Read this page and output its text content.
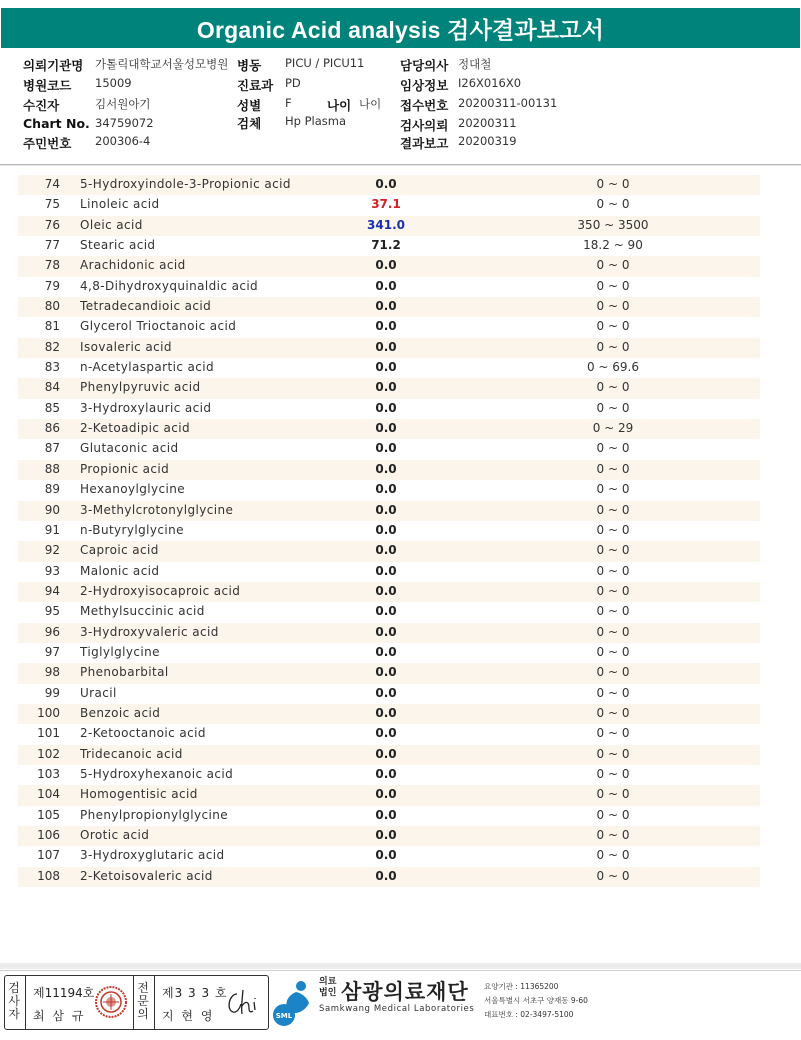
Organic Acid analysis 검사결과보고서
의뢰기관명 가톨릭대학교서울성모병원 병동 PICU / PICU11	담당의사 정대철
병원코드 15009	진료과 PD	임상정보 I26X016X0
수진자	김서원아기	성별 F	나이 나이 접수번호 20200311-00131
Chart No. 34759072	검체 Hp Plasma	검사의뢰 20200311
주민번호 200306-4	결과보고 20200319
74 5-Hydroxyindole-3-Propionic acid	0.0	0 ~ 0
75 Linoleic acid	37.1	0 ~ 0
76 Oleic acid	341.0	350 ~ 3500
77 Stearic acid	71.2	18.2 ~ 90
78 Arachidonic acid	0.0	0 ~ 0
79 4,8-Dihydroxyquinaldic acid	0.0	0 ~ 0
80 Tetradecandioic acid	0.0	0 ~ 0
81 Glycerol Trioctanoic acid	0.0	0 ~ 0
82 Isovaleric acid	0.0	0 ~ 0
83 n-Acetylaspartic acid	0.0	0 ~ 69.6
84 Phenylpyruvic acid	0.0	0 ~ 0
85 3-Hydroxylauric acid	0.0	0 ~ 0
86 2-Ketoadipic acid	0.0	0 ~ 29
87 Glutaconic acid	0.0	0 ~ 0
88 Propionic acid	0.0	0 ~ 0
89 Hexanoylglycine	0.0	0 ~ 0
90 3-Methylcrotonylglycine	0.0	0 ~ 0
91 n-Butyrylglycine	0.0	0 ~ 0
92 Caproic acid	0.0	0 ~ 0
93 Malonic acid	0.0	0 ~ 0
94 2-Hydroxyisocaproic acid	0.0	0 ~ 0
95 Methylsuccinic acid	0.0	0 ~ 0
96 3-Hydroxyvaleric acid	0.0	0 ~ 0
97 Tiglylglycine	0.0	0 ~ 0
98 Phenobarbital	0.0	0 ~ 0
99 Uracil	0.0	0 ~ 0
100 Benzoic acid	0.0	0 ~ 0
101 2-Ketooctanoic acid	0.0	0 ~ 0
102 Tridecanoic acid	0.0	0 ~ 0
103 5-Hydroxyhexanoic acid	0.0	0 ~ 0
104 Homogentisic acid	0.0	0 ~ 0
105 Phenylpropionylglycine	0.0	0 ~ 0
106 Orotic acid	0.0	0 ~ 0
107 3-Hydroxyglutaric acid	0.0	0 ~ 0
108 2-Ketoisovaleric acid	0.0	0 ~ 0
검사자
제11194호
최 삼 규
전문의
제3 3 3 호
지 현 영	SML
의료
법인 삼광의료재단
Samkwang Medical Laboratories
요양기관 : 11365200
서울특별시 서초구 양재동 9-60
대표번호 : 02-3497-5100
